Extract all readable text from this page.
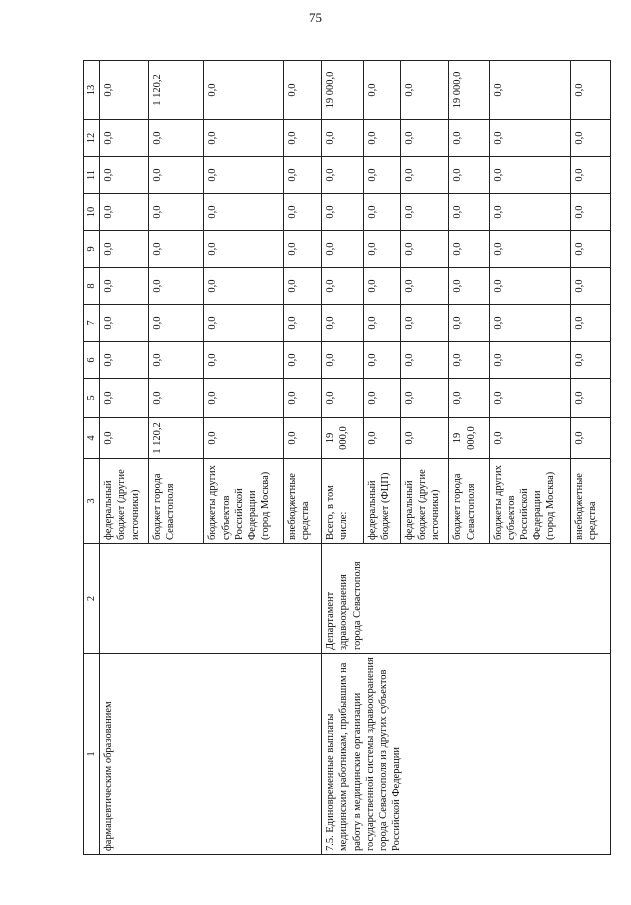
75
1	2	3	4	5	6	7	8	9	10	11	12	13
фармацевтическим образованием		федеральный бюджет (другие источники)	0,0	0,0	0,0	0,0	0,0	0,0	0,0	0,0	0,0	0,0
		бюджет города Севастополя	1 120,2	0,0	0,0	0,0	0,0	0,0	0,0	0,0	0,0	1 120,2
		бюджеты других субъектов Российской Федерации (город Москва)	0,0	0,0	0,0	0,0	0,0	0,0	0,0	0,0	0,0	0,0
		внебюджетные средства	0,0	0,0	0,0	0,0	0,0	0,0	0,0	0,0	0,0	0,0
7.5. Единовременные выплаты медицинским работникам, прибывшим на работу в медицинские организации государственной системы здравоохранения города Севастополя из других субъектов Российской Федерации	Департамент здравоохранения города Севастополя	Всего, в том числе:	19 000,0	0,0	0,0	0,0	0,0	0,0	0,0	0,0	0,0	19 000,0
		федеральный бюджет (ФЦП)	0,0	0,0	0,0	0,0	0,0	0,0	0,0	0,0	0,0	0,0
		федеральный бюджет (другие источники)	0,0	0,0	0,0	0,0	0,0	0,0	0,0	0,0	0,0	0,0
		бюджет города Севастополя	19 000,0	0,0	0,0	0,0	0,0	0,0	0,0	0,0	0,0	19 000,0
		бюджеты других субъектов Российской Федерации (город Москва)	0,0	0,0	0,0	0,0	0,0	0,0	0,0	0,0	0,0	0,0
		внебюджетные средства	0,0	0,0	0,0	0,0	0,0	0,0	0,0	0,0	0,0	0,0
